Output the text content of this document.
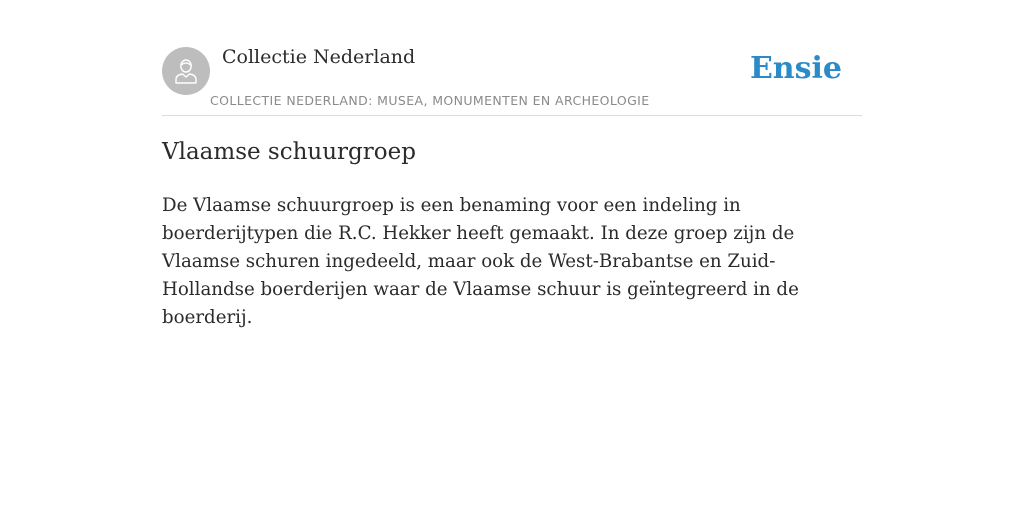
Collectie Nederland
COLLECTIE NEDERLAND: MUSEA, MONUMENTEN EN ARCHEOLOGIE
Ensie
Vlaamse schuurgroep

De Vlaamse schuurgroep is een benaming voor een indeling in boerderijtypen die R.C. Hekker heeft gemaakt. In deze groep zijn de Vlaamse schuren ingedeeld, maar ook de West-Brabantse en Zuid-Hollandse boerderijen waar de Vlaamse schuur is geïntegreerd in de boerderij.
